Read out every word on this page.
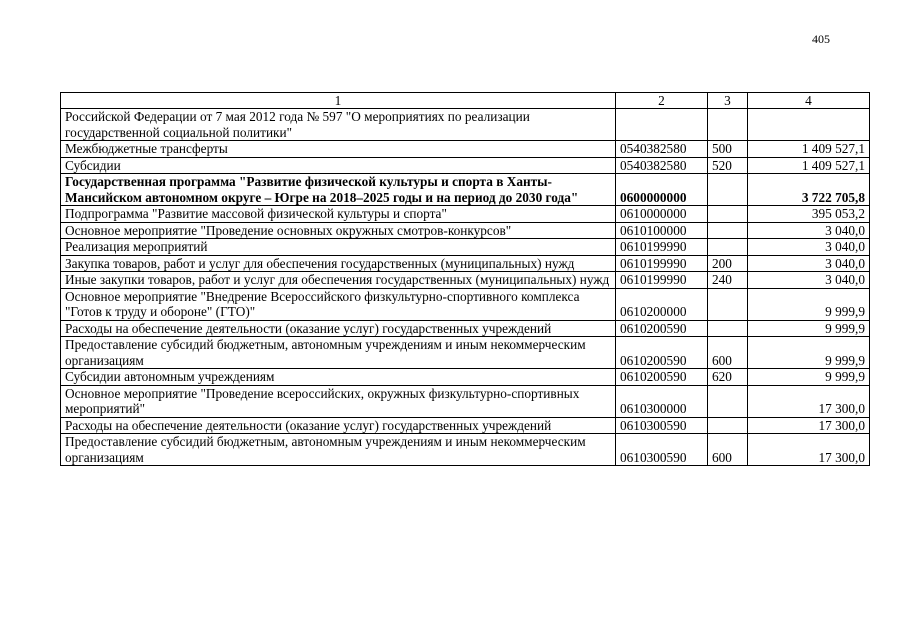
405
1	2	3	4
Российской Федерации от 7 мая 2012 года № 597 "О мероприятиях по реализации государственной социальной политики"			
Межбюджетные трансферты	0540382580	500	1 409 527,1
Субсидии	0540382580	520	1 409 527,1
Государственная программа "Развитие физической культуры и спорта в Ханты-Мансийском автономном округе – Югре на 2018–2025 годы и на период до 2030 года"	0600000000		3 722 705,8
Подпрограмма "Развитие массовой физической культуры и спорта"	0610000000		395 053,2
Основное мероприятие "Проведение основных окружных смотров-конкурсов"	0610100000		3 040,0
Реализация мероприятий	0610199990		3 040,0
Закупка товаров, работ и услуг для обеспечения государственных (муниципальных) нужд	0610199990	200	3 040,0
Иные закупки товаров, работ и услуг для обеспечения государственных (муниципальных) нужд	0610199990	240	3 040,0
Основное мероприятие "Внедрение Всероссийского физкультурно-спортивного комплекса "Готов к труду и обороне" (ГТО)"	0610200000		9 999,9
Расходы на обеспечение деятельности (оказание услуг) государственных учреждений	0610200590		9 999,9
Предоставление субсидий бюджетным, автономным учреждениям и иным некоммерческим организациям	0610200590	600	9 999,9
Субсидии автономным учреждениям	0610200590	620	9 999,9
Основное мероприятие "Проведение всероссийских, окружных физкультурно-спортивных мероприятий"	0610300000		17 300,0
Расходы на обеспечение деятельности (оказание услуг) государственных учреждений	0610300590		17 300,0
Предоставление субсидий бюджетным, автономным учреждениям и иным некоммерческим организациям	0610300590	600	17 300,0
